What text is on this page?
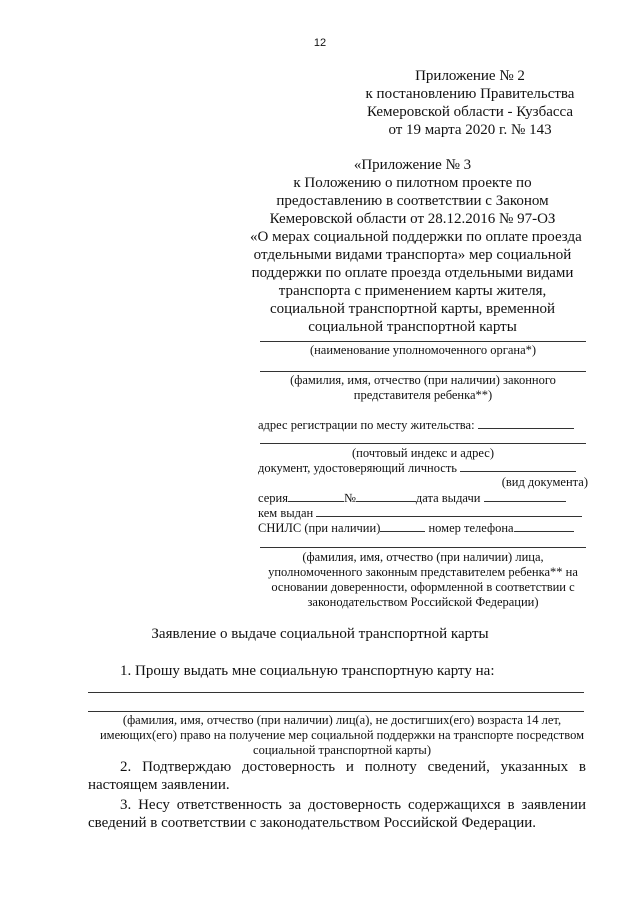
12
Приложение № 2
к постановлению Правительства
Кемеровской области - Кузбасса
от 19 марта 2020 г. № 143
«Приложение № 3
к Положению о пилотном проекте по
предоставлению в соответствии с Законом
Кемеровской области от 28.12.2016 № 97-ОЗ
«О мерах социальной поддержки по оплате проезда
отдельными видами транспорта» мер социальной
поддержки по оплате проезда отдельными видами
транспорта с применением карты жителя,
социальной транспортной карты, временной
социальной транспортной карты
(наименование уполномоченного органа*)
(фамилия, имя, отчество (при наличии) законного
представителя ребенка**)
адрес регистрации по месту жительства:
(почтовый индекс и адрес)
документ, удостоверяющий личность
(вид документа)
серия	№	дата выдачи
кем выдан
СНИЛС (при наличии)	номер телефона
(фамилия, имя, отчество (при наличии) лица,
уполномоченного законным представителем ребенка** на
основании доверенности, оформленной в соответствии с
законодательством Российской Федерации)
Заявление о выдаче социальной транспортной карты
1. Прошу выдать мне социальную транспортную карту на:
(фамилия, имя, отчество (при наличии) лиц(а), не достигших(его) возраста 14 лет,
имеющих(его) право на получение мер социальной поддержки на транспорте посредством
социальной транспортной карты)
2. Подтверждаю достоверность и полноту сведений, указанных в
настоящем заявлении.
3. Несу ответственность за достоверность содержащихся в заявлении
сведений в соответствии с законодательством Российской Федерации.
